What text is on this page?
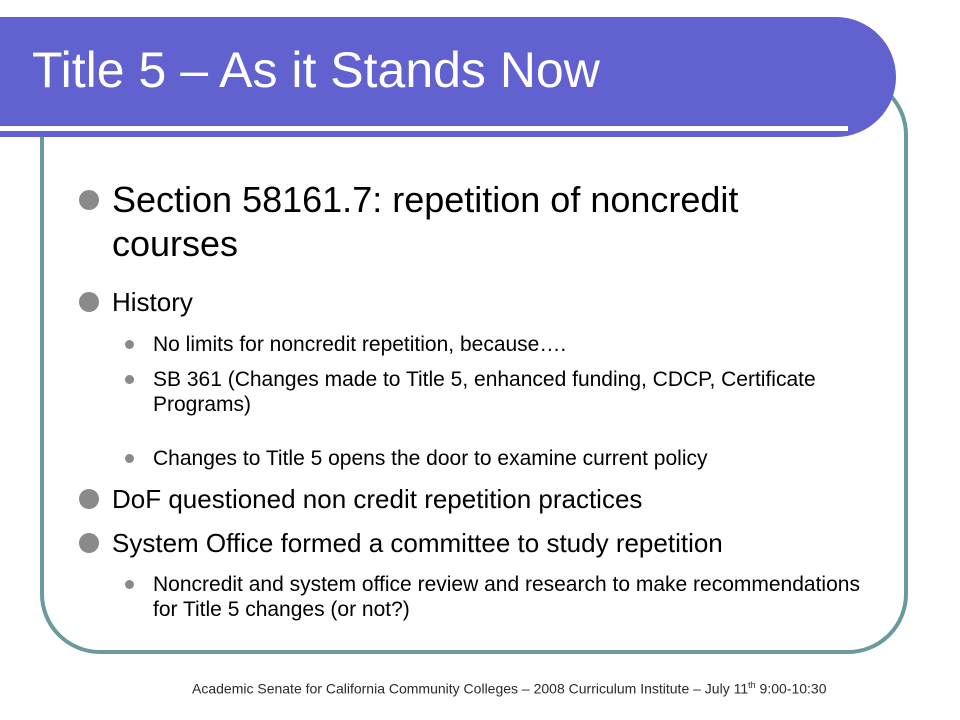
Title 5 – As it Stands Now
Section 58161.7: repetition of noncredit courses
History
No limits for noncredit repetition, because….
SB 361 (Changes made to Title 5, enhanced funding, CDCP, Certificate Programs)
Changes to Title 5 opens the door to examine current policy
DoF questioned non credit repetition practices
System Office formed a committee to study repetition
Noncredit and system office review and research to make recommendations for Title 5 changes (or not?)
Academic Senate for California Community Colleges – 2008 Curriculum Institute – July 11th 9:00-10:30
